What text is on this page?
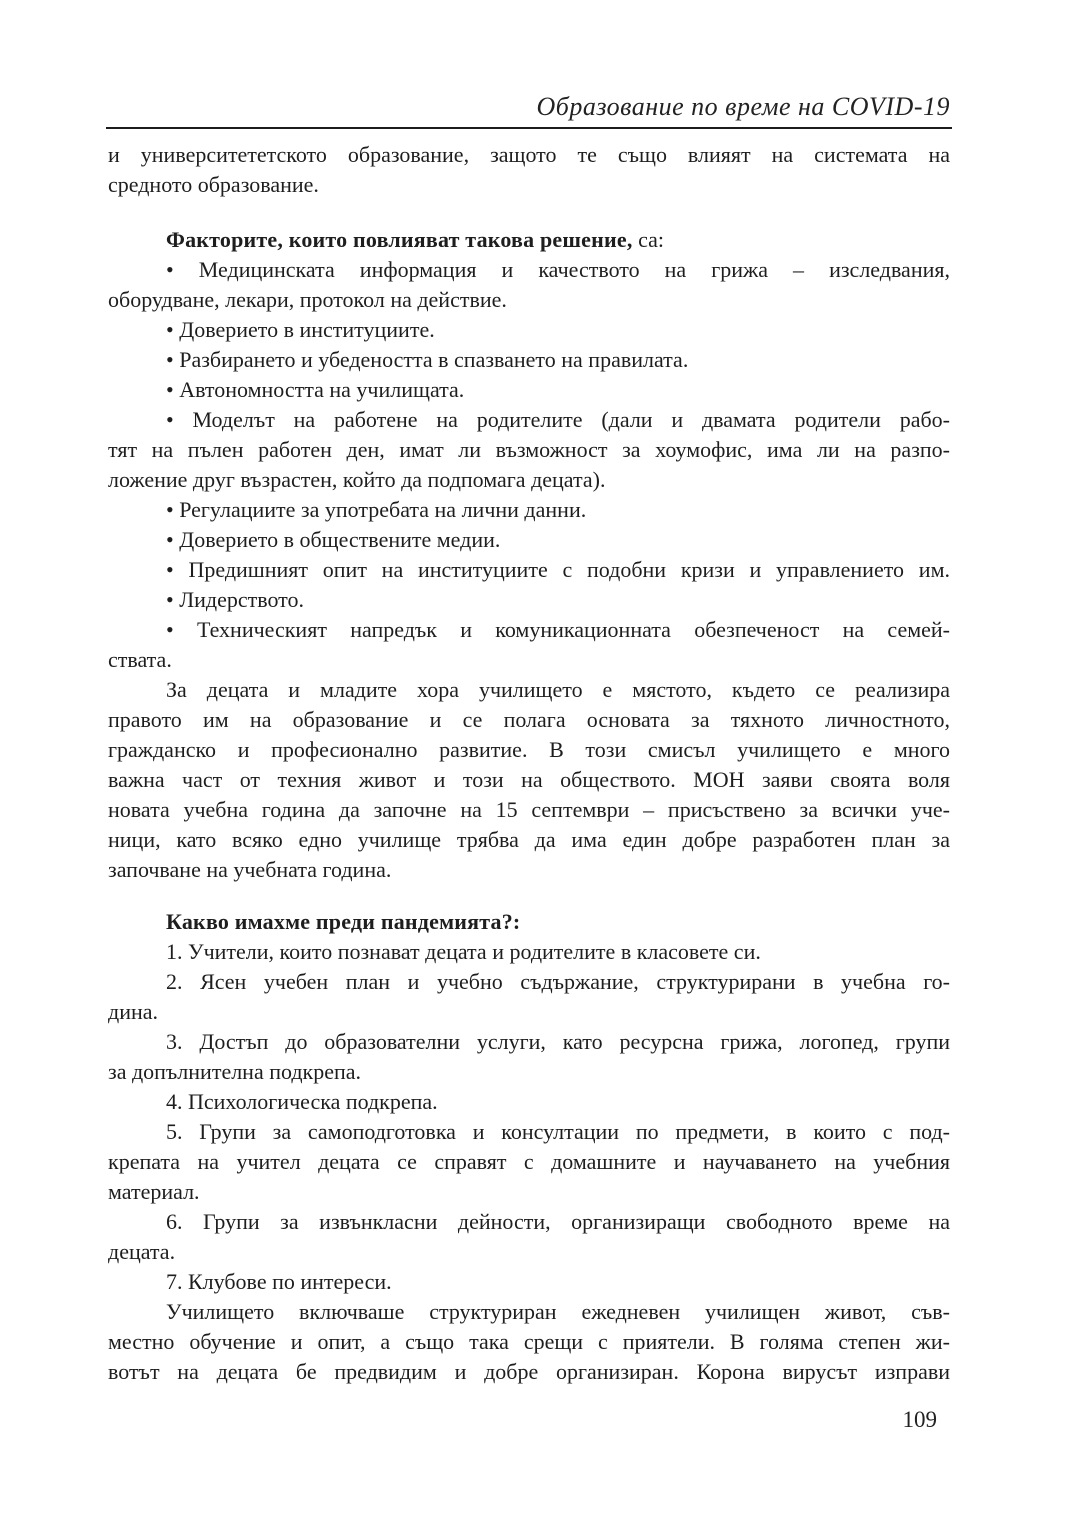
Образование по време на COVID-19
и университететското образование, защото те също влияят на системата на
средното образование.
Факторите, които повлияват такова решение, са:
• Медицинската информация и качеството на грижа – изследвания,
оборудване, лекари, протокол на действие.
• Доверието в институциите.
• Разбирането и убедеността в спазването на правилата.
• Автономността на училищата.
• Моделът на работене на родителите (дали и двамата родители рабо-
тят на пълен работен ден, имат ли възможност за хоумофис, има ли на разпо-
ложение друг възрастен, който да подпомага децата).
• Регулациите за употребата на лични данни.
• Доверието в обществените медии.
• Предишният опит на институциите с подобни кризи и управлението им.
• Лидерството.
• Техническият напредък и комуникационната обезпеченост на семей-
ствата.
За децата и младите хора училището е мястото, където се реализира
правото им на образование и се полага основата за тяхното личностното,
гражданско и професионално развитие. В този смисъл училището е много
важна част от техния живот и този на обществото. МОН заяви своята воля
новата учебна година да започне на 15 септември – присъствено за всички уче-
ници, като всяко едно училище трябва да има един добре разработен план за
започване на учебната година.
Какво имахме преди пандемията?:
1. Учители, които познават децата и родителите в класовете си.
2. Ясен учебен план и учебно съдържание, структурирани в учебна го-
дина.
3. Достъп до образователни услуги, като ресурсна грижа, логопед, групи
за допълнителна подкрепа.
4. Психологическа подкрепа.
5. Групи за самоподготовка и консултации по предмети, в които с под-
крепата на учител децата се справят с домашните и научаването на учебния
материал.
6. Групи за извънкласни дейности, организиращи свободното време на
децата.
7. Клубове по интереси.
Училището включваше структуриран ежедневен училищен живот, съв-
местно обучение и опит, а също така срещи с приятели. В голяма степен жи-
вотът на децата бе предвидим и добре организиран. Корона вирусът изправи
109
